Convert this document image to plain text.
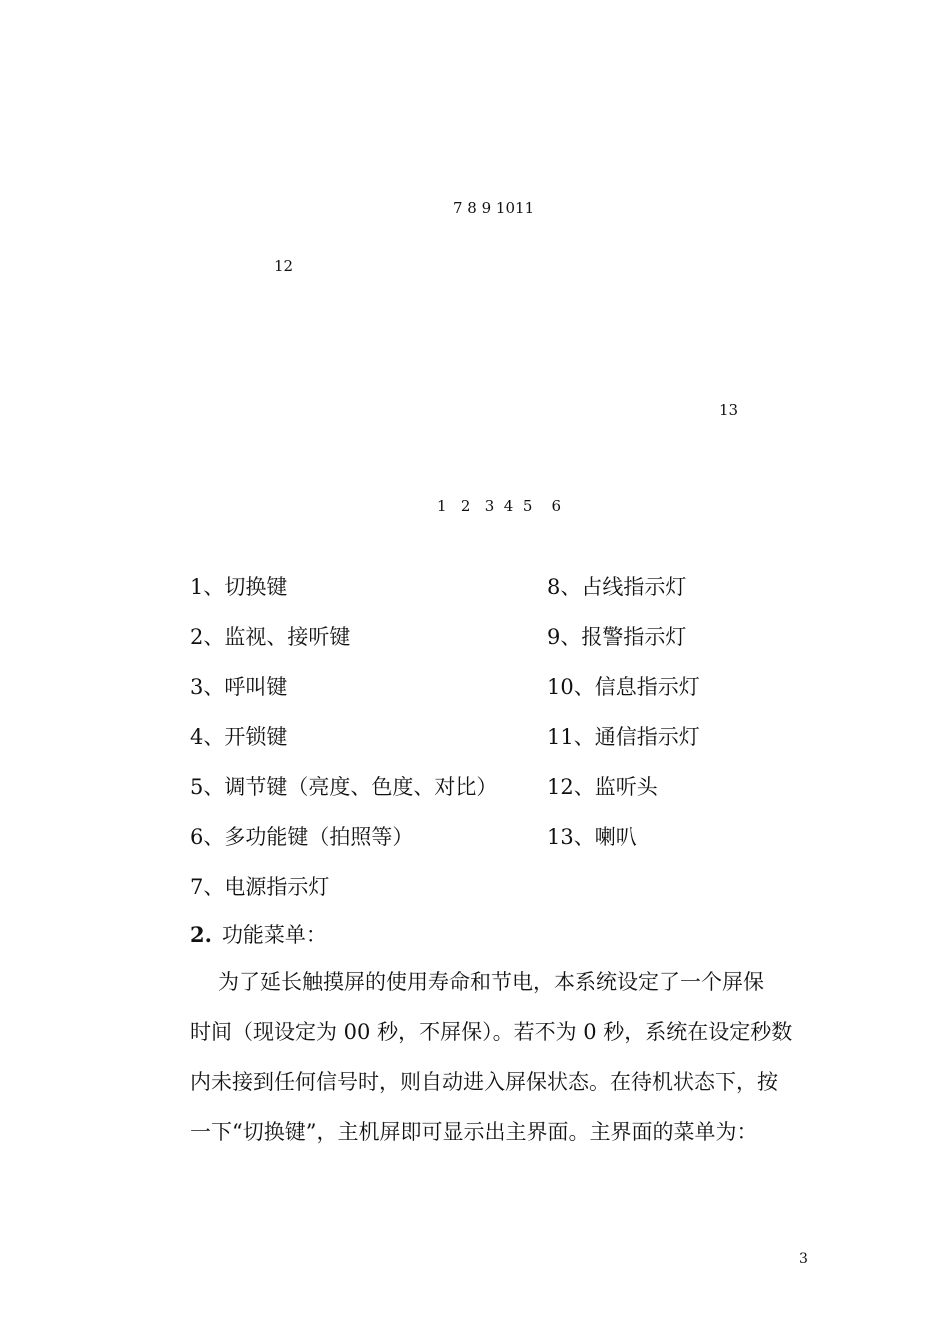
7 8 9 1011
12
13
1   2   3  4  5    6
1、切换键
2、监视、接听键
3、呼叫键
4、开锁键
5、调节键（亮度、色度、对比）
6、多功能键（拍照等）
7、电源指示灯
8、占线指示灯
9、报警指示灯
10、信息指示灯
11、通信指示灯
12、监听头
13、喇叭
2. 功能菜单：

为了延长触摸屏的使用寿命和节电，本系统设定了一个屏保

时间（现设定为 00 秒，不屏保）。若不为 0 秒，系统在设定秒数

内未接到任何信号时，则自动进入屏保状态。在待机状态下，按

一下“切换键”，主机屏即可显示出主界面。主界面的菜单为：

3
